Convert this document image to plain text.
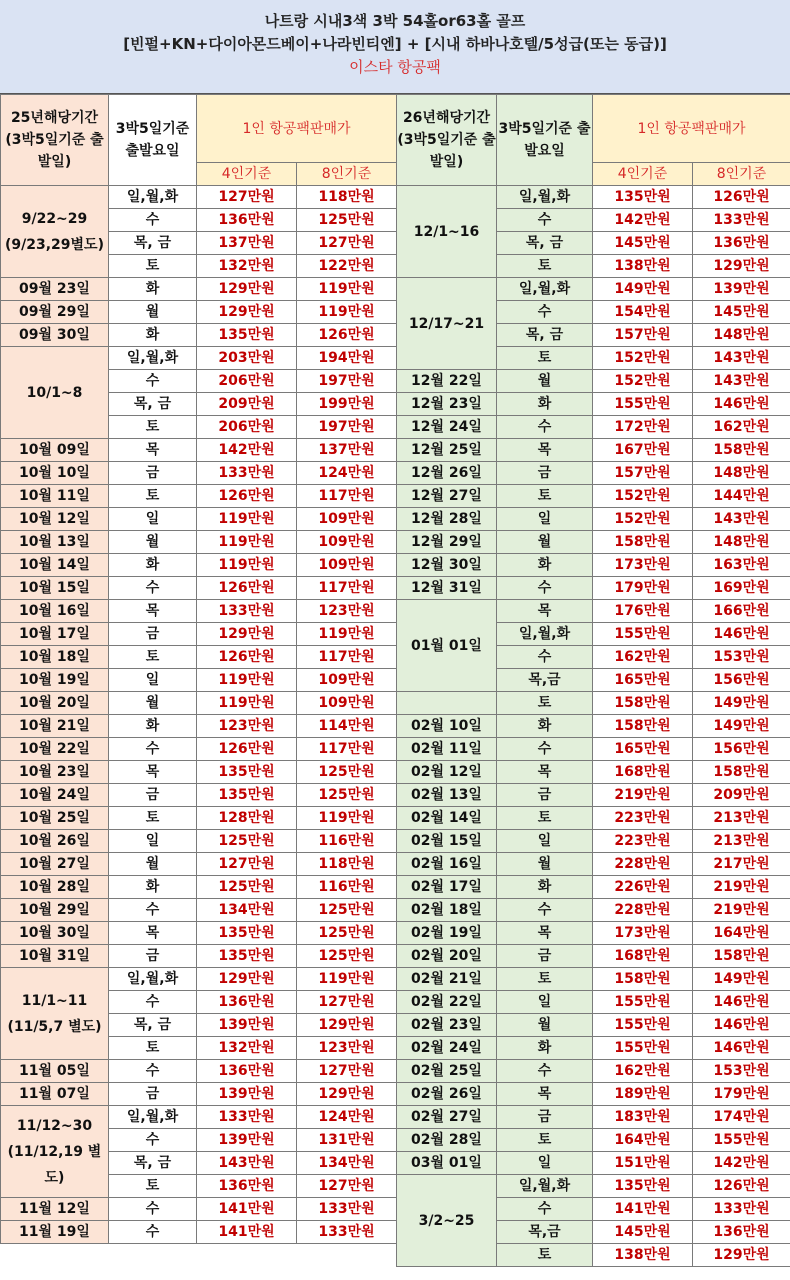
나트랑 시내3색 3박 54홀or63홀 골프
[빈펄+KN+다이아몬드베이+나라빈티엔] + [시내 하바나호텔/5성급(또는 동급)]
이스타 항공팩
25년해당기간 (3박5일기준 출발일)	3박5일기준 출발요일	1인 항공팩판매가		26년해당기간 (3박5일기준 출발일)	3박5일기준 출발요일	1인 항공팩판매가	
		4인기준	8인기준			4인기준	8인기준
9/22~29 (9/23,29별도)	일,월,화	127만원	118만원	12/1~16	일,월,화	135만원	126만원
	수	136만원	125만원		수	142만원	133만원
	목, 금	137만원	127만원		목, 금	145만원	136만원
	토	132만원	122만원		토	138만원	129만원
09월 23일	화	129만원	119만원	12/17~21	일,월,화	149만원	139만원
09월 29일	월	129만원	119만원		수	154만원	145만원
09월 30일	화	135만원	126만원		목, 금	157만원	148만원
10/1~8	일,월,화	203만원	194만원		토	152만원	143만원
	수	206만원	197만원	12월 22일	월	152만원	143만원
	목, 금	209만원	199만원	12월 23일	화	155만원	146만원
	토	206만원	197만원	12월 24일	수	172만원	162만원
10월 09일	목	142만원	137만원	12월 25일	목	167만원	158만원
10월 10일	금	133만원	124만원	12월 26일	금	157만원	148만원
10월 11일	토	126만원	117만원	12월 27일	토	152만원	144만원
10월 12일	일	119만원	109만원	12월 28일	일	152만원	143만원
10월 13일	월	119만원	109만원	12월 29일	월	158만원	148만원
10월 14일	화	119만원	109만원	12월 30일	화	173만원	163만원
10월 15일	수	126만원	117만원	12월 31일	수	179만원	169만원
10월 16일	목	133만원	123만원	01월 01일	목	176만원	166만원
10월 17일	금	129만원	119만원		일,월,화	155만원	146만원
10월 18일	토	126만원	117만원		수	162만원	153만원
10월 19일	일	119만원	109만원		목,금	165만원	156만원
10월 20일	월	119만원	109만원		토	158만원	149만원
10월 21일	화	123만원	114만원	02월 10일	화	158만원	149만원
10월 22일	수	126만원	117만원	02월 11일	수	165만원	156만원
10월 23일	목	135만원	125만원	02월 12일	목	168만원	158만원
10월 24일	금	135만원	125만원	02월 13일	금	219만원	209만원
10월 25일	토	128만원	119만원	02월 14일	토	223만원	213만원
10월 26일	일	125만원	116만원	02월 15일	일	223만원	213만원
10월 27일	월	127만원	118만원	02월 16일	월	228만원	217만원
10월 28일	화	125만원	116만원	02월 17일	화	226만원	219만원
10월 29일	수	134만원	125만원	02월 18일	수	228만원	219만원
10월 30일	목	135만원	125만원	02월 19일	목	173만원	164만원
10월 31일	금	135만원	125만원	02월 20일	금	168만원	158만원
11/1~11 (11/5,7 별도)	일,월,화	129만원	119만원	02월 21일	토	158만원	149만원
	수	136만원	127만원	02월 22일	일	155만원	146만원
	목, 금	139만원	129만원	02월 23일	월	155만원	146만원
	토	132만원	123만원	02월 24일	화	155만원	146만원
11월 05일	수	136만원	127만원	02월 25일	수	162만원	153만원
11월 07일	금	139만원	129만원	02월 26일	목	189만원	179만원
11/12~30 (11/12,19 별도)	일,월,화	133만원	124만원	02월 27일	금	183만원	174만원
	수	139만원	131만원	02월 28일	토	164만원	155만원
	목, 금	143만원	134만원	03월 01일	일	151만원	142만원
	토	136만원	127만원	3/2~25	일,월,화	135만원	126만원
11월 12일	수	141만원	133만원		수	141만원	133만원
11월 19일	수	141만원	133만원		목,금	145만원	136만원
					토	138만원	129만원
